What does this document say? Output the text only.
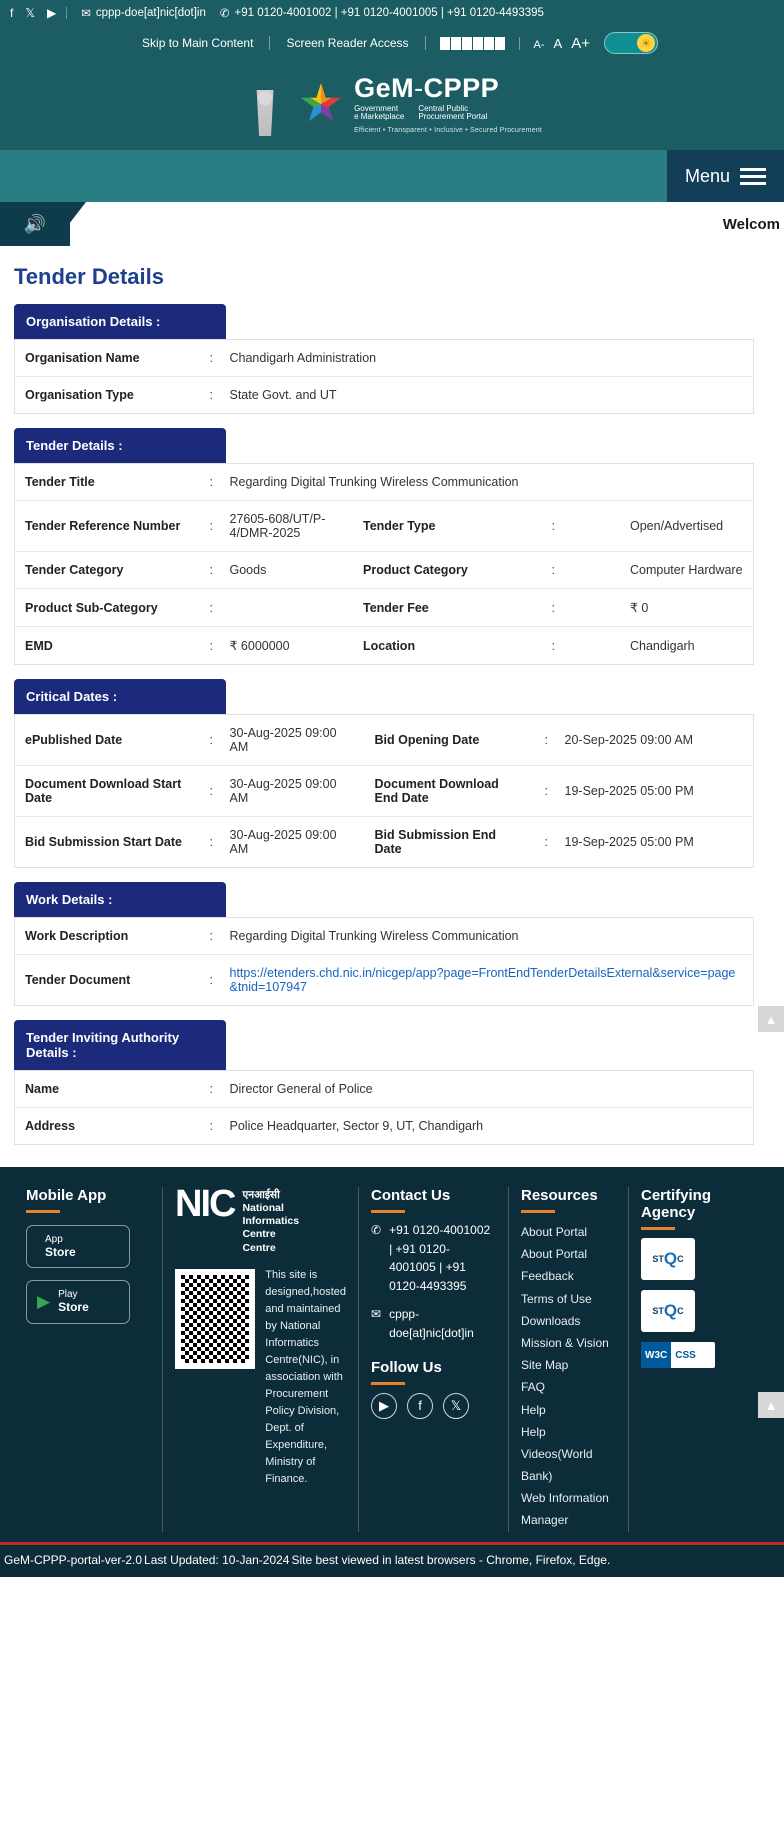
f 𝕏 ▶ ✉ cppp-doe[at]nic[dot]in ✆ +91 0120-4001002 | +91 0120-4001005 | +91 0120-4493395
Skip to Main Content	Screen Reader Access	A- A A+	☀
GeM-CPPP
Government
e Marketplace
Central Public
Procurement Portal
Efficient • Transparent • Inclusive • Secured Procurement
Menu
🔊	Welcom
Tender Details
Organisation Details :
Organisation Name	:	Chandigarh Administration
Organisation Type	:	State Govt. and UT
Tender Details :
Tender Title	:	Regarding Digital Trunking Wireless Communication			
Tender Reference Number	:	27605-608/UT/P-4/DMR-2025	Tender Type	:	Open/Advertised
Tender Category	:	Goods	Product Category	:	Computer Hardware
Product Sub-Category	:		Tender Fee	:	₹ 0
EMD	:	₹ 6000000	Location	:	Chandigarh
Critical Dates :
▲
ePublished Date	:	30-Aug-2025 09:00 AM	Bid Opening Date	:	20-Sep-2025 09:00 AM
Document Download Start Date	:	30-Aug-2025 09:00 AM	Document Download End Date	:	19-Sep-2025 05:00 PM
Bid Submission Start Date	:	30-Aug-2025 09:00 AM	Bid Submission End Date	:	19-Sep-2025 05:00 PM
Work Details :
Work Description	:	Regarding Digital Trunking Wireless Communication
Tender Document	:	https://etenders.chd.nic.in/nicgep/app?page=FrontEndTenderDetailsExternal&service=page&tnid=107947
Tender Inviting Authority Details :
▲
Name	:	Director General of Police
Address	:	Police Headquarter, Sector 9, UT, Chandigarh
Mobile App
App
Store
▶ Play
Store
NIC एनआईसी
National
Informatics
Centre
Centre
This site is designed,hosted and maintained by National Informatics Centre(NIC), in association with Procurement Policy Division, Dept. of Expenditure, Ministry of Finance.
Contact Us
✆ +91 0120-4001002 | +91 0120-4001005 | +91 0120-4493395
✉ cppp-doe[at]nic[dot]in
Follow Us
▶	f	𝕏
Resources
About Portal
About Portal
Feedback
Terms of Use
Downloads
Mission & Vision
Site Map
FAQ
Help
Help Videos(World Bank)
Web Information Manager
Certifying Agency
ST Q C
ST Q C
W3C CSS
GeM-CPPP-portal-ver-2.0 Last Updated: 10-Jan-2024 Site best viewed in latest browsers - Chrome, Firefox, Edge.
